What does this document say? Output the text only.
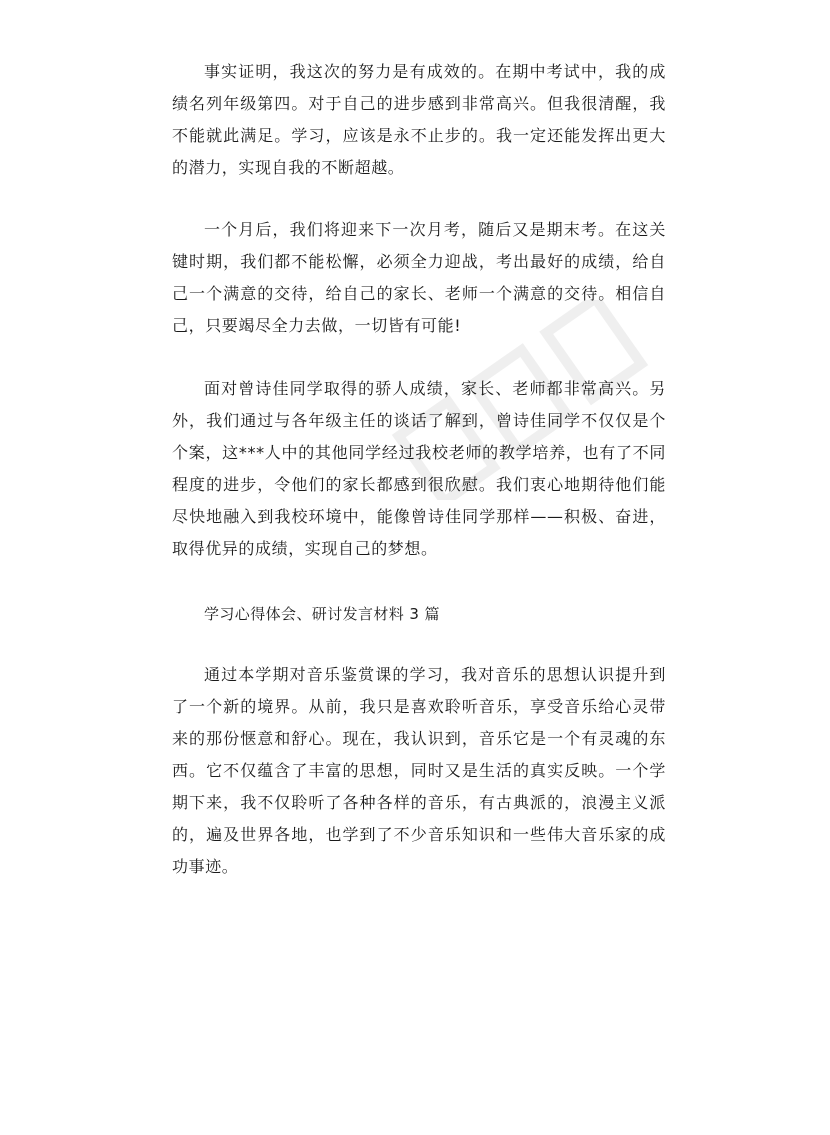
事实证明，我这次的努力是有成效的。在期中考试中，我的成绩名列年级第四。对于自己的进步感到非常高兴。但我很清醒，我不能就此满足。学习，应该是永不止步的。我一定还能发挥出更大的潜力，实现自我的不断超越。

一个月后，我们将迎来下一次月考，随后又是期末考。在这关键时期，我们都不能松懈，必须全力迎战，考出最好的成绩，给自己一个满意的交待，给自己的家长、老师一个满意的交待。相信自己，只要竭尽全力去做，一切皆有可能!

面对曾诗佳同学取得的骄人成绩，家长、老师都非常高兴。另外，我们通过与各年级主任的谈话了解到，曾诗佳同学不仅仅是个个案，这***人中的其他同学经过我校老师的教学培养，也有了不同程度的进步，令他们的家长都感到很欣慰。我们衷心地期待他们能尽快地融入到我校环境中，能像曾诗佳同学那样——积极、奋进，取得优异的成绩，实现自己的梦想。

学习心得体会、研讨发言材料 3 篇

通过本学期对音乐鉴赏课的学习，我对音乐的思想认识提升到了一个新的境界。从前，我只是喜欢聆听音乐，享受音乐给心灵带来的那份惬意和舒心。现在，我认识到，音乐它是一个有灵魂的东西。它不仅蕴含了丰富的思想，同时又是生活的真实反映。一个学期下来，我不仅聆听了各种各样的音乐，有古典派的，浪漫主义派的，遍及世界各地，也学到了不少音乐知识和一些伟大音乐家的成功事迹。
